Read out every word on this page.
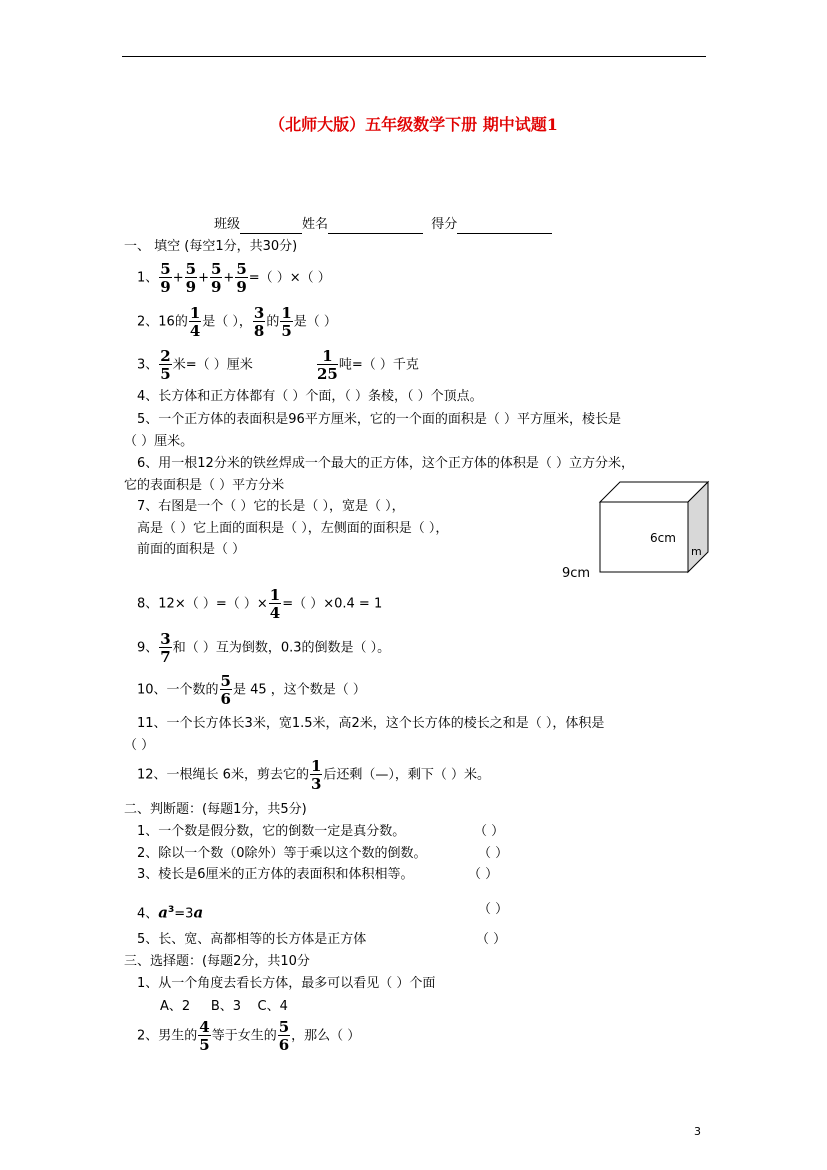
（北师大版）五年级数学下册 期中试题1
班级	姓名	得分
一、 填空 (每空1分，共30分)
1、 $\frac{5}{9} + \frac{5}{9} + \frac{5}{9} + \frac{5}{9}$ =（ ）×（ ）
2、16的 $\frac{1}{4}$ 是（ ）， $\frac{3}{8}$ 的 $\frac{1}{5}$ 是（ ）
3、 $\frac{2}{5}$ 米=（ ）厘米	$\frac{1}{25}$ 吨=（ ）千克
4、长方体和正方体都有（ ）个面，（ ）条棱，（ ）个顶点。
5、一个正方体的表面积是96平方厘米，它的一个面的面积是（ ）平方厘米，棱长是
（ ）厘米。
6、用一根12分米的铁丝焊成一个最大的正方体，这个正方体的体积是（ ）立方分米，
它的表面积是（ ）平方分米
7、右图是一个（ ）它的长是（ ），宽是（ ），
高是（ ）它上面的面积是（ ），左侧面的面积是（ ），
前面的面积是（ ）
6cm
m
9cm
8、12×（ ）=（ ）× $\frac{1}{4}$ =（ ）×0.4 = 1
9、 $\frac{3}{7}$ 和（ ）互为倒数，0.3的倒数是（ ）。
10、一个数的 $\frac{5}{6}$ 是 45 ，这个数是（ ）
11、一个长方体长3米，宽1.5米，高2米，这个长方体的棱长之和是（ ），体积是
（ ）
12、一根绳长 6米，剪去它的 $\frac{1}{3}$ 后还剩（—），剩下（ ）米。
二、判断题：(每题1分，共5分)
1、一个数是假分数，它的倒数一定是真分数。	（ ）
2、除以一个数（0除外）等于乘以这个数的倒数。	（ ）
3、棱长是6厘米的正方体的表面积和体积相等。	（ ）
4、$a^3=3a$	（ ）
5、长、宽、高都相等的长方体是正方体	（ ）
三、选择题：(每题2分，共10分
1、从一个角度去看长方体，最多可以看见（ ）个面
A、2     B、3    C、4
2、男生的 $\frac{4}{5}$ 等于女生的 $\frac{5}{6}$ ，那么（ ）
3
